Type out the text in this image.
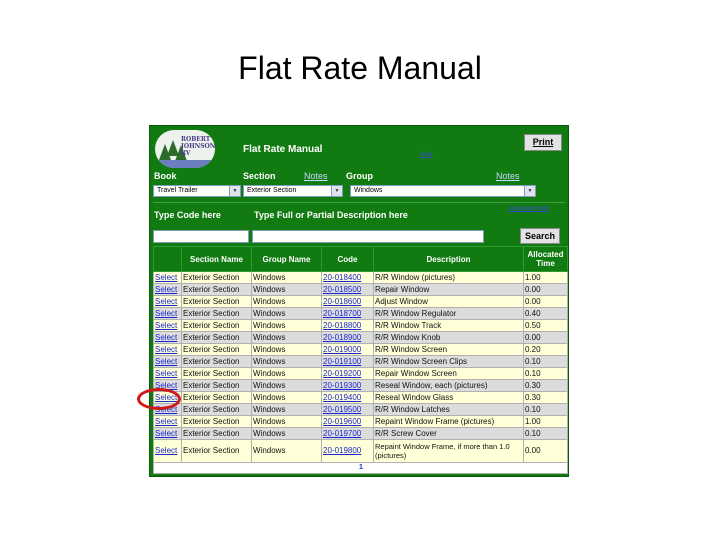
Flat Rate Manual
ROBERT JOHNSON RV	Flat Rate Manual	Help
Print
Book	Section	Notes Group	Notes
Travel Trailer	▼	Exterior Section	▼	Windows	▼
Type Code here	Type Full or Partial Description here
Advanced Help
Search
	Section Name	Group Name	Code	Description	Allocated Time
Select	Exterior Section	Windows	20-018400	R/R Window (pictures)	1.00
Select	Exterior Section	Windows	20-018500	Repair Window	0.00
Select	Exterior Section	Windows	20-018600	Adjust Window	0.00
Select	Exterior Section	Windows	20-018700	R/R Window Regulator	0.40
Select	Exterior Section	Windows	20-018800	R/R Window Track	0.50
Select	Exterior Section	Windows	20-018900	R/R Window Knob	0.00
Select	Exterior Section	Windows	20-019000	R/R Window Screen	0.20
Select	Exterior Section	Windows	20-019100	R/R Window Screen Clips	0.10
Select	Exterior Section	Windows	20-019200	Repair Window Screen	0.10
Select	Exterior Section	Windows	20-019300	Reseal Window, each (pictures)	0.30
Select	Exterior Section	Windows	20-019400	Reseal Window Glass	0.30
Select	Exterior Section	Windows	20-019500	R/R Window Latches	0.10
Select	Exterior Section	Windows	20-019600	Repaint Window Frame (pictures)	1.00
Select	Exterior Section	Windows	20-019700	R/R Screw Cover	0.10
Select	Exterior Section	Windows	20-019800	Repaint Window Frame, if more than 1.0 (pictures)	0.00
1					
